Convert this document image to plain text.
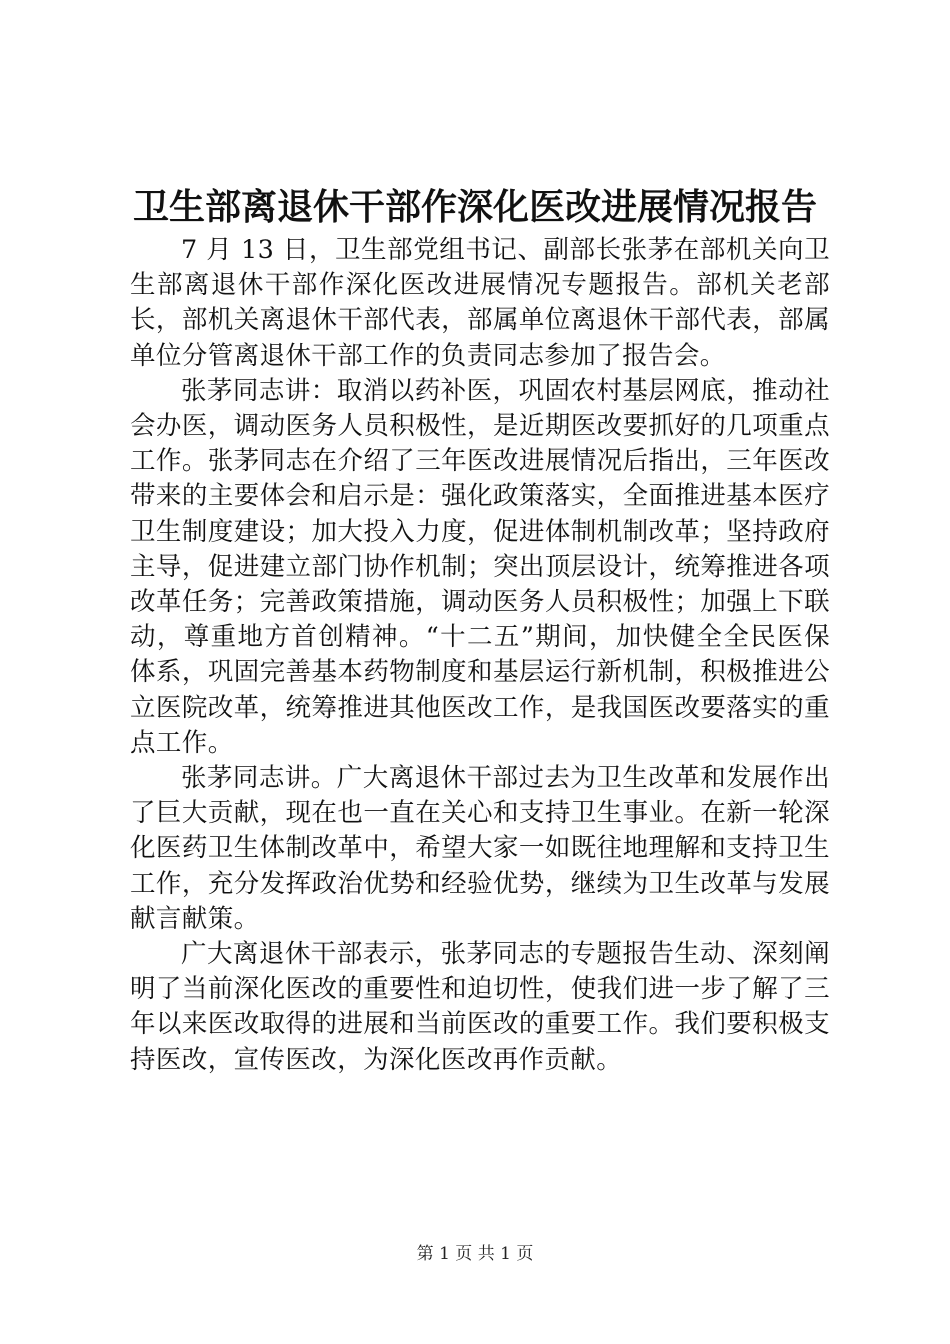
卫生部离退休干部作深化医改进展情况报告

7 月 13 日，卫生部党组书记、副部长张茅在部机关向卫生部离退休干部作深化医改进展情况专题报告。部机关老部长，部机关离退休干部代表，部属单位离退休干部代表，部属单位分管离退休干部工作的负责同志参加了报告会。

张茅同志讲：取消以药补医，巩固农村基层网底，推动社会办医，调动医务人员积极性，是近期医改要抓好的几项重点工作。张茅同志在介绍了三年医改进展情况后指出，三年医改带来的主要体会和启示是：强化政策落实，全面推进基本医疗卫生制度建设；加大投入力度，促进体制机制改革；坚持政府主导，促进建立部门协作机制；突出顶层设计，统筹推进各项改革任务；完善政策措施，调动医务人员积极性；加强上下联动，尊重地方首创精神。“十二五”期间，加快健全全民医保体系，巩固完善基本药物制度和基层运行新机制，积极推进公立医院改革，统筹推进其他医改工作，是我国医改要落实的重点工作。

张茅同志讲。广大离退休干部过去为卫生改革和发展作出了巨大贡献，现在也一直在关心和支持卫生事业。在新一轮深化医药卫生体制改革中，希望大家一如既往地理解和支持卫生工作，充分发挥政治优势和经验优势，继续为卫生改革与发展献言献策。

广大离退休干部表示，张茅同志的专题报告生动、深刻阐明了当前深化医改的重要性和迫切性，使我们进一步了解了三年以来医改取得的进展和当前医改的重要工作。我们要积极支持医改，宣传医改，为深化医改再作贡献。

第 1 页 共 1 页
